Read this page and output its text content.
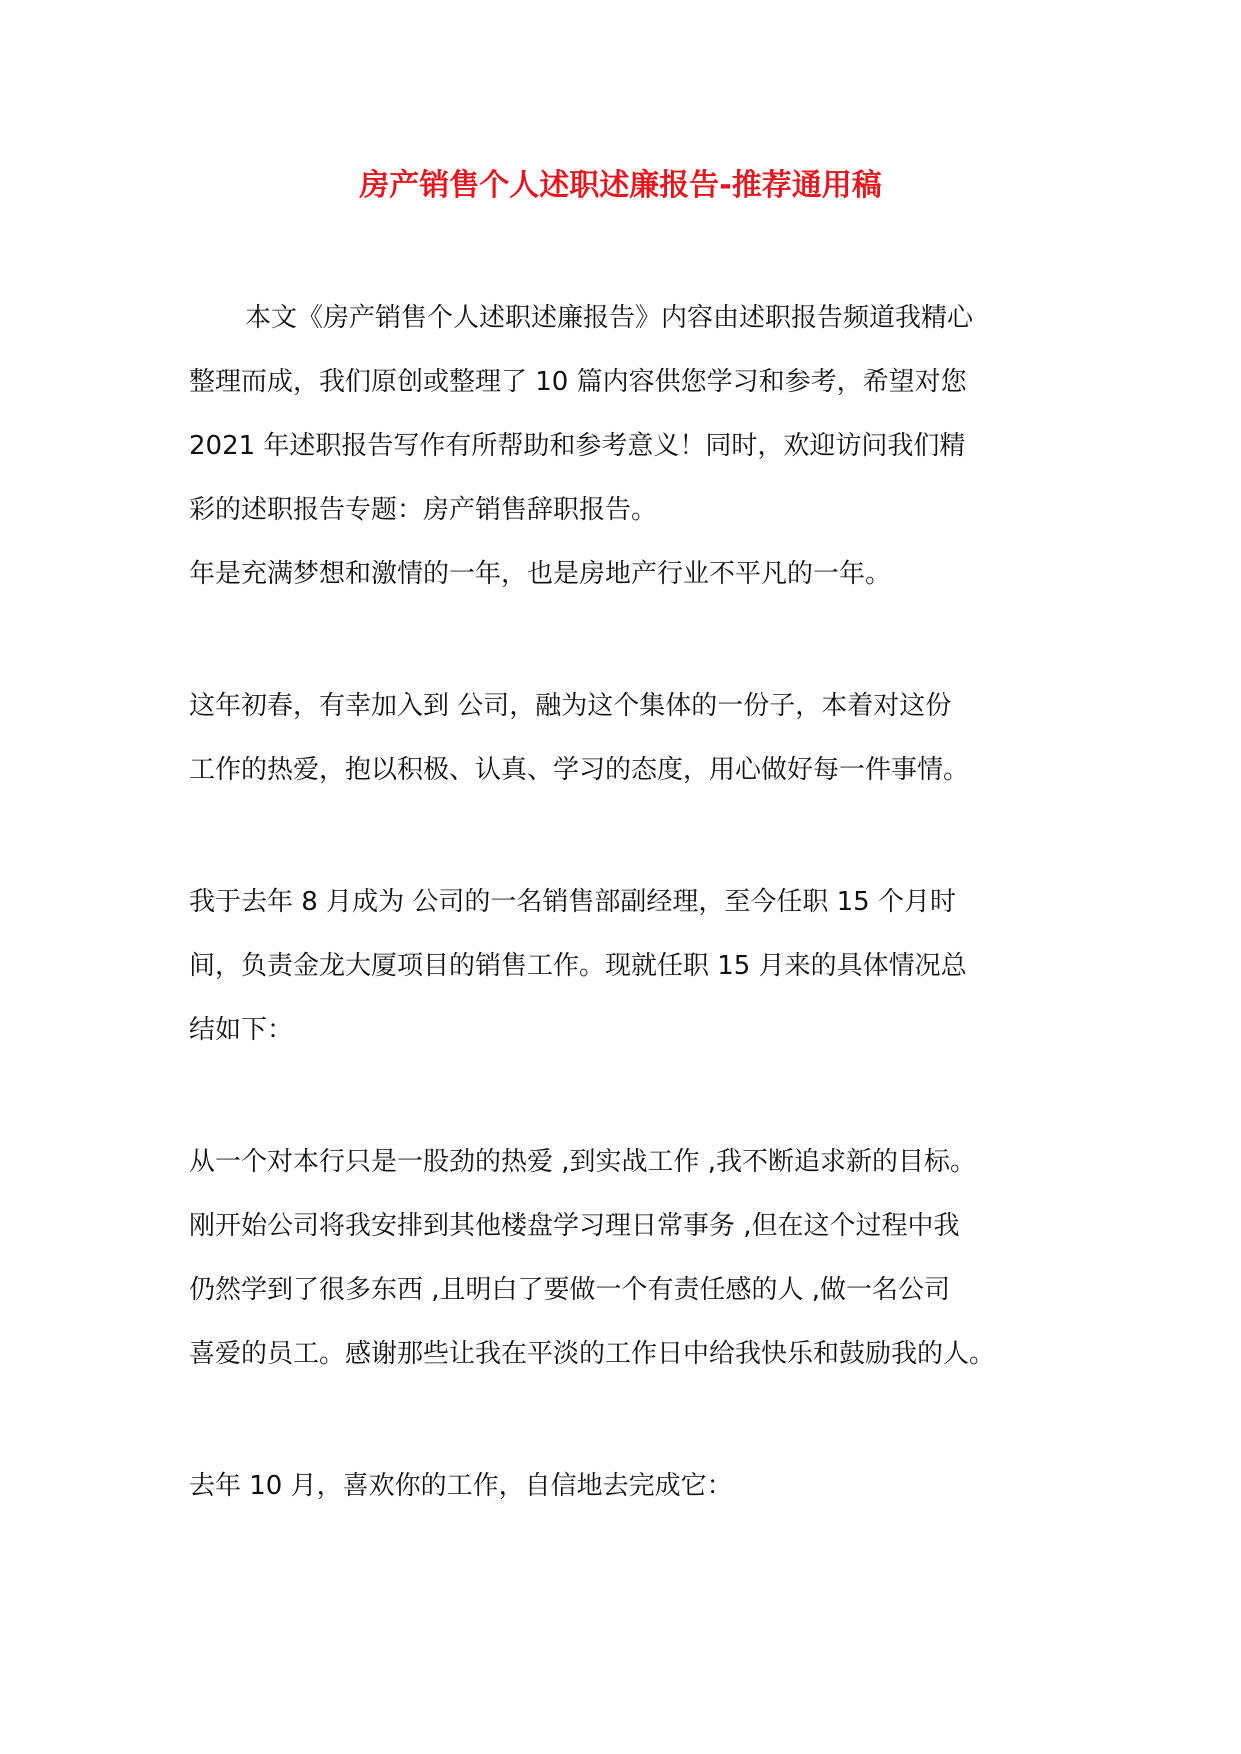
房产销售个人述职述廉报告-推荐通用稿
本文《房产销售个人述职述廉报告》内容由述职报告频道我精心
整理而成，我们原创或整理了 10 篇内容供您学习和参考，希望对您
2021 年述职报告写作有所帮助和参考意义！同时，欢迎访问我们精
彩的述职报告专题：房产销售辞职报告。
年是充满梦想和激情的一年，也是房地产行业不平凡的一年。
这年初春，有幸加入到 公司，融为这个集体的一份子，本着对这份
工作的热爱，抱以积极、认真、学习的态度，用心做好每一件事情。
我于去年 8 月成为 公司的一名销售部副经理，至今任职 15 个月时
间，负责金龙大厦项目的销售工作。现就任职 15 月来的具体情况总
结如下：
从一个对本行只是一股劲的热爱 ,到实战工作 ,我不断追求新的目标。
刚开始公司将我安排到其他楼盘学习理日常事务 ,但在这个过程中我
仍然学到了很多东西 ,且明白了要做一个有责任感的人 ,做一名公司
喜爱的员工。感谢那些让我在平淡的工作日中给我快乐和鼓励我的人。
去年 10 月，喜欢你的工作，自信地去完成它：
